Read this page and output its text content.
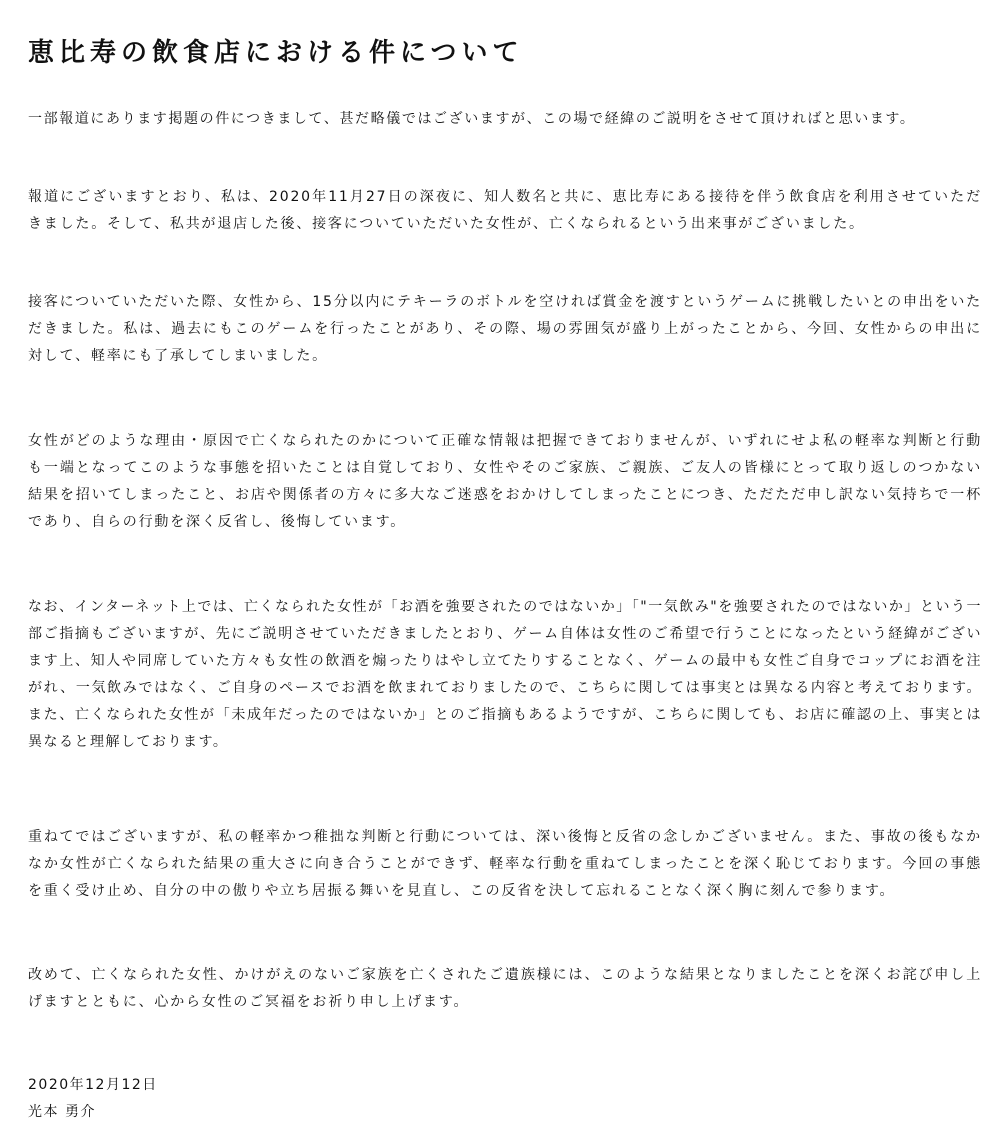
恵比寿の飲食店における件について

一部報道にあります掲題の件につきまして、甚だ略儀ではございますが、この場で経緯のご説明をさせて頂ければと思います。

報道にございますとおり、私は、2020年11月27日の深夜に、知人数名と共に、恵比寿にある接待を伴う飲食店を利用させていただきました。そして、私共が退店した後、接客についていただいた女性が、亡くなられるという出来事がございました。

接客についていただいた際、女性から、15分以内にテキーラのボトルを空ければ賞金を渡すというゲームに挑戦したいとの申出をいただきました。私は、過去にもこのゲームを行ったことがあり、その際、場の雰囲気が盛り上がったことから、今回、女性からの申出に対して、軽率にも了承してしまいました。

女性がどのような理由・原因で亡くなられたのかについて正確な情報は把握できておりませんが、いずれにせよ私の軽率な判断と行動も一端となってこのような事態を招いたことは自覚しており、女性やそのご家族、ご親族、ご友人の皆様にとって取り返しのつかない結果を招いてしまったこと、お店や関係者の方々に多大なご迷惑をおかけしてしまったことにつき、ただただ申し訳ない気持ちで一杯であり、自らの行動を深く反省し、後悔しています。

なお、インターネット上では、亡くなられた女性が「お酒を強要されたのではないか」「"一気飲み"を強要されたのではないか」という一部ご指摘もございますが、先にご説明させていただきましたとおり、ゲーム自体は女性のご希望で行うことになったという経緯がございます上、知人や同席していた方々も女性の飲酒を煽ったりはやし立てたりすることなく、ゲームの最中も女性ご自身でコップにお酒を注がれ、一気飲みではなく、ご自身のペースでお酒を飲まれておりましたので、こちらに関しては事実とは異なる内容と考えております。また、亡くなられた女性が「未成年だったのではないか」とのご指摘もあるようですが、こちらに関しても、お店に確認の上、事実とは異なると理解しております。

重ねてではございますが、私の軽率かつ稚拙な判断と行動については、深い後悔と反省の念しかございません。また、事故の後もなかなか女性が亡くなられた結果の重大さに向き合うことができず、軽率な行動を重ねてしまったことを深く恥じております。今回の事態を重く受け止め、自分の中の傲りや立ち居振る舞いを見直し、この反省を決して忘れることなく深く胸に刻んで参ります。

改めて、亡くなられた女性、かけがえのないご家族を亡くされたご遺族様には、このような結果となりましたことを深くお詫び申し上げますとともに、心から女性のご冥福をお祈り申し上げます。

2020年12月12日
光本 勇介
